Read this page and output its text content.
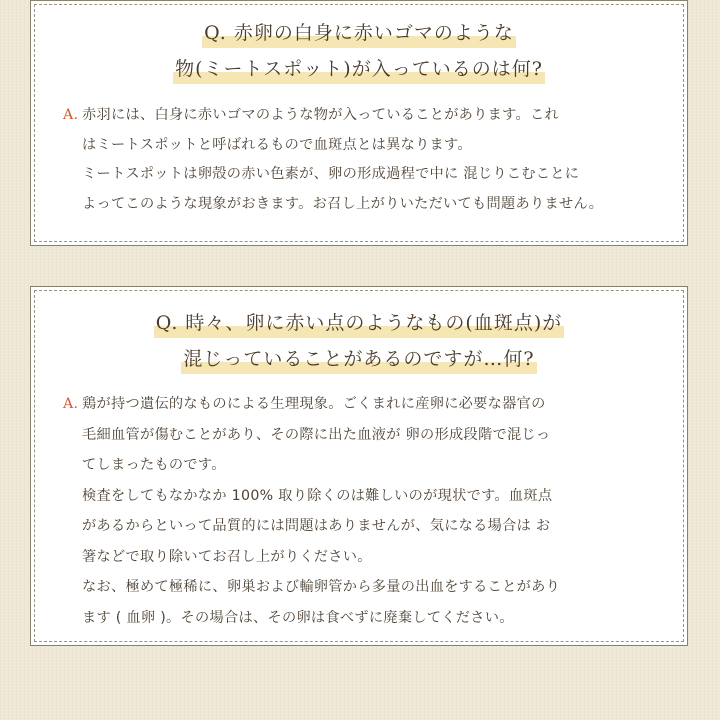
Q. 赤卵の白身に赤いゴマのような
物(ミートスポット)が入っているのは何?
A. 赤羽には、白身に赤いゴマのような物が入っていることがあります。これ
はミートスポットと呼ばれるもので血斑点とは異なります。
ミートスポットは卵殻の赤い色素が、卵の形成過程で中に 混じりこむことに
よってこのような現象がおきます。お召し上がりいただいても問題ありません。
Q. 時々、卵に赤い点のようなもの(血斑点)が
混じっていることがあるのですが…何?
A. 鶏が持つ遺伝的なものによる生理現象。ごくまれに産卵に必要な器官の
毛細血管が傷むことがあり、その際に出た血液が 卵の形成段階で混じっ
てしまったものです。
検査をしてもなかなか 100% 取り除くのは難しいのが現状です。血斑点
があるからといって品質的には問題はありませんが、気になる場合は お
箸などで取り除いてお召し上がりください。
なお、極めて極稀に、卵巣および輸卵管から多量の出血をすることがあり
ます ( 血卵 )。その場合は、その卵は食べずに廃棄してください。
